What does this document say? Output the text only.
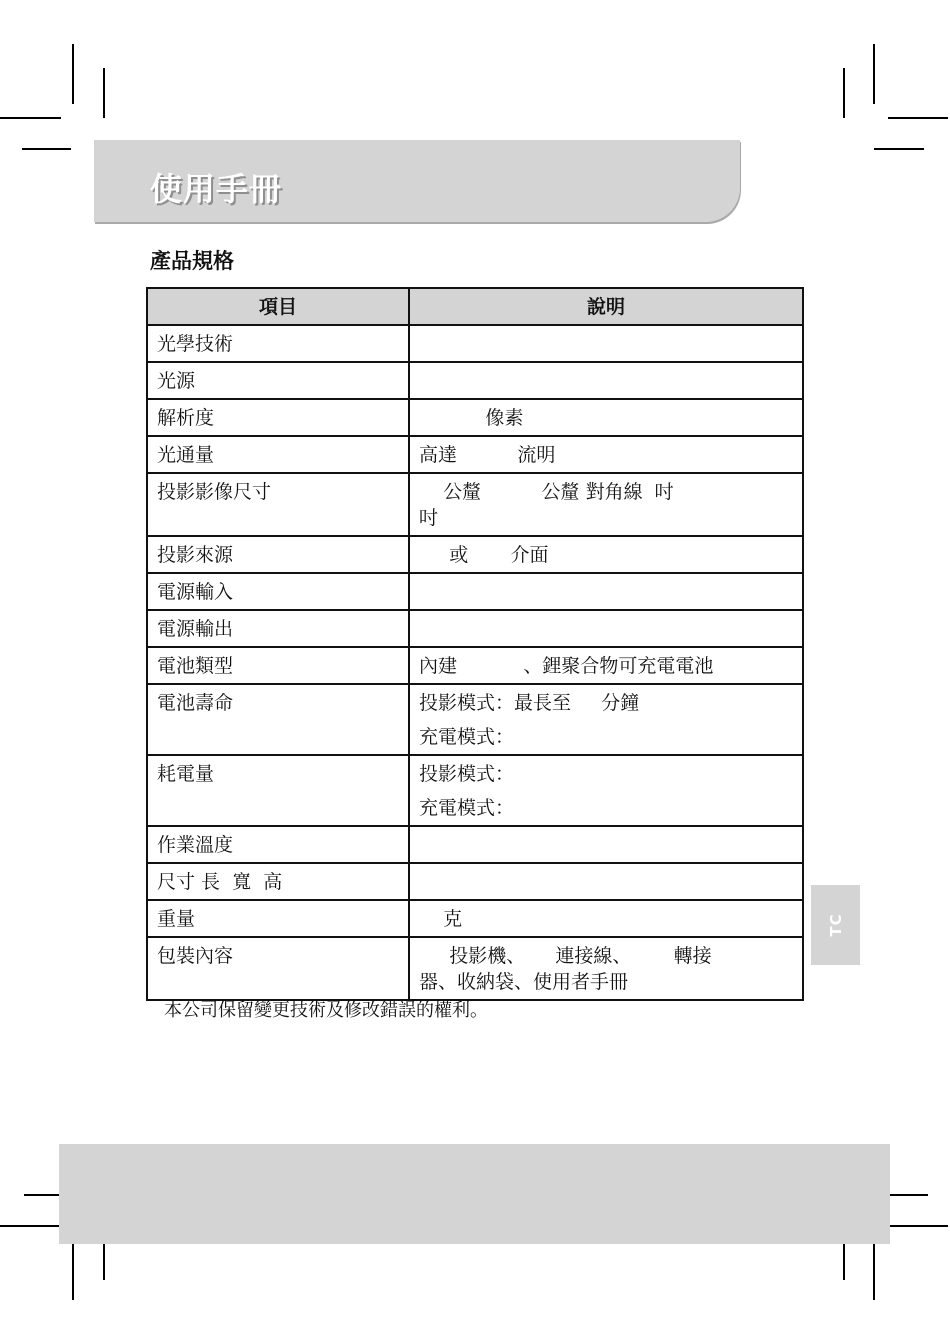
使用手冊
產品規格
項目	說明
光學技術	
光源	
解析度	像素
光通量	高達          流明
投影影像尺寸	公釐          公釐 對角線  吋
吋

投影來源	或       介面
電源輸入	
電源輸出	
電池類型	內建           、鋰聚合物可充電電池
電池壽命	投影模式：最長至     分鐘
充電模式：

耗電量	投影模式：
充電模式：

作業溫度	
尺寸 長  寬  高	
重量	克
包裝內容	投影機、     連接線、       轉接
器、收納袋、使用者手冊
本公司保留變更技術及修改錯誤的權利。
TC
